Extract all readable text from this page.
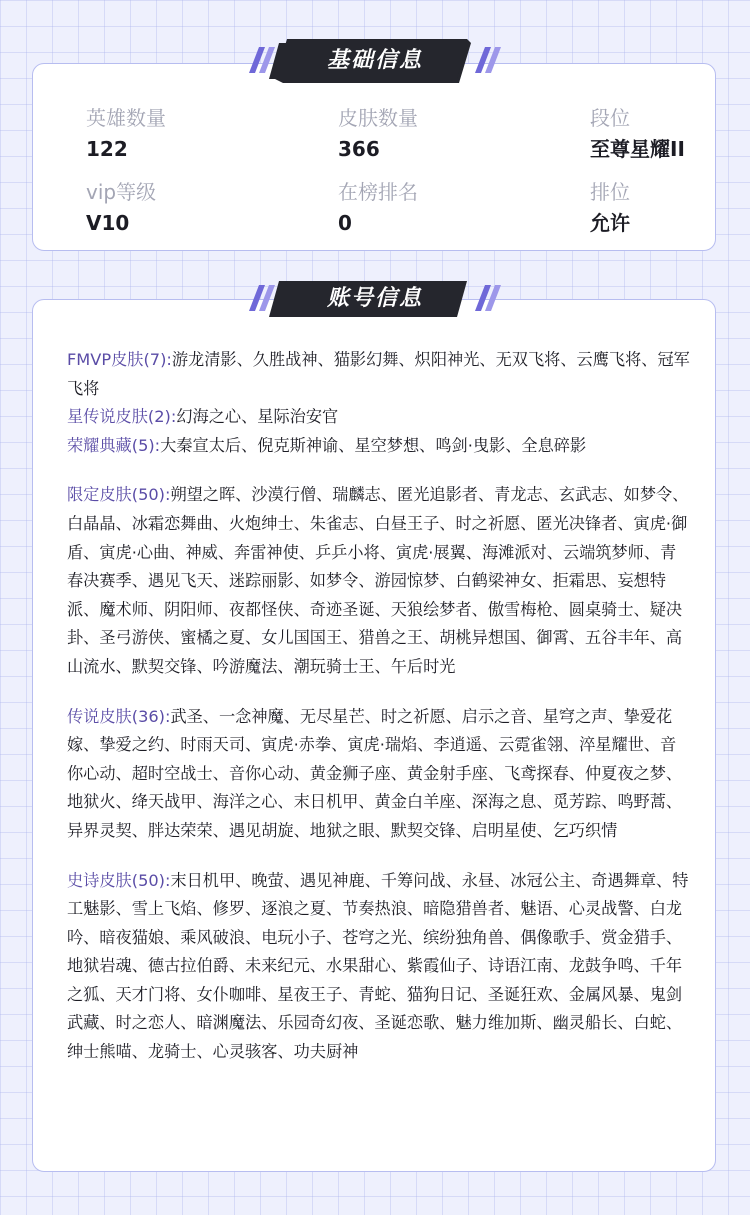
英雄数量
122
皮肤数量
366
段位
至尊星耀II
vip等级
V10
在榜排名
0
排位
允许
基础信息

FMVP皮肤(7):游龙清影、久胜战神、猫影幻舞、炽阳神光、无双飞将、云鹰飞将、冠军飞将

星传说皮肤(2):幻海之心、星际治安官

荣耀典藏(5):大秦宣太后、倪克斯神谕、星空梦想、鸣剑·曳影、全息碎影

限定皮肤(50):朔望之晖、沙漠行僧、瑞麟志、匿光追影者、青龙志、玄武志、如梦令、白晶晶、冰霜恋舞曲、火炮绅士、朱雀志、白昼王子、时之祈愿、匿光决锋者、寅虎·御盾、寅虎·心曲、神威、奔雷神使、乒乒小将、寅虎·展翼、海滩派对、云端筑梦师、青春决赛季、遇见飞天、迷踪丽影、如梦令、游园惊梦、白鹤梁神女、拒霜思、妄想特派、魔术师、阴阳师、夜都怪侠、奇迹圣诞、天狼绘梦者、傲雪梅枪、圆桌骑士、疑决卦、圣弓游侠、蜜橘之夏、女儿国国王、猎兽之王、胡桃异想国、御霄、五谷丰年、高山流水、默契交锋、吟游魔法、潮玩骑士王、午后时光

传说皮肤(36):武圣、一念神魔、无尽星芒、时之祈愿、启示之音、星穹之声、挚爱花嫁、挚爱之约、时雨天司、寅虎·赤拳、寅虎·瑞焰、李逍遥、云霓雀翎、淬星耀世、音你心动、超时空战士、音你心动、黄金狮子座、黄金射手座、飞鸢探春、仲夏夜之梦、地狱火、绛天战甲、海洋之心、末日机甲、黄金白羊座、深海之息、觅芳踪、鸣野蒿、异界灵契、胖达荣荣、遇见胡旋、地狱之眼、默契交锋、启明星使、乞巧织情

史诗皮肤(50):末日机甲、晚萤、遇见神鹿、千筹问战、永昼、冰冠公主、奇遇舞章、特工魅影、雪上飞焰、修罗、逐浪之夏、节奏热浪、暗隐猎兽者、魅语、心灵战警、白龙吟、暗夜猫娘、乘风破浪、电玩小子、苍穹之光、缤纷独角兽、偶像歌手、赏金猎手、地狱岩魂、德古拉伯爵、未来纪元、水果甜心、紫霞仙子、诗语江南、龙鼓争鸣、千年之狐、天才门将、女仆咖啡、星夜王子、青蛇、猫狗日记、圣诞狂欢、金属风暴、鬼剑武藏、时之恋人、暗渊魔法、乐园奇幻夜、圣诞恋歌、魅力维加斯、幽灵船长、白蛇、绅士熊喵、龙骑士、心灵骇客、功夫厨神

账号信息
